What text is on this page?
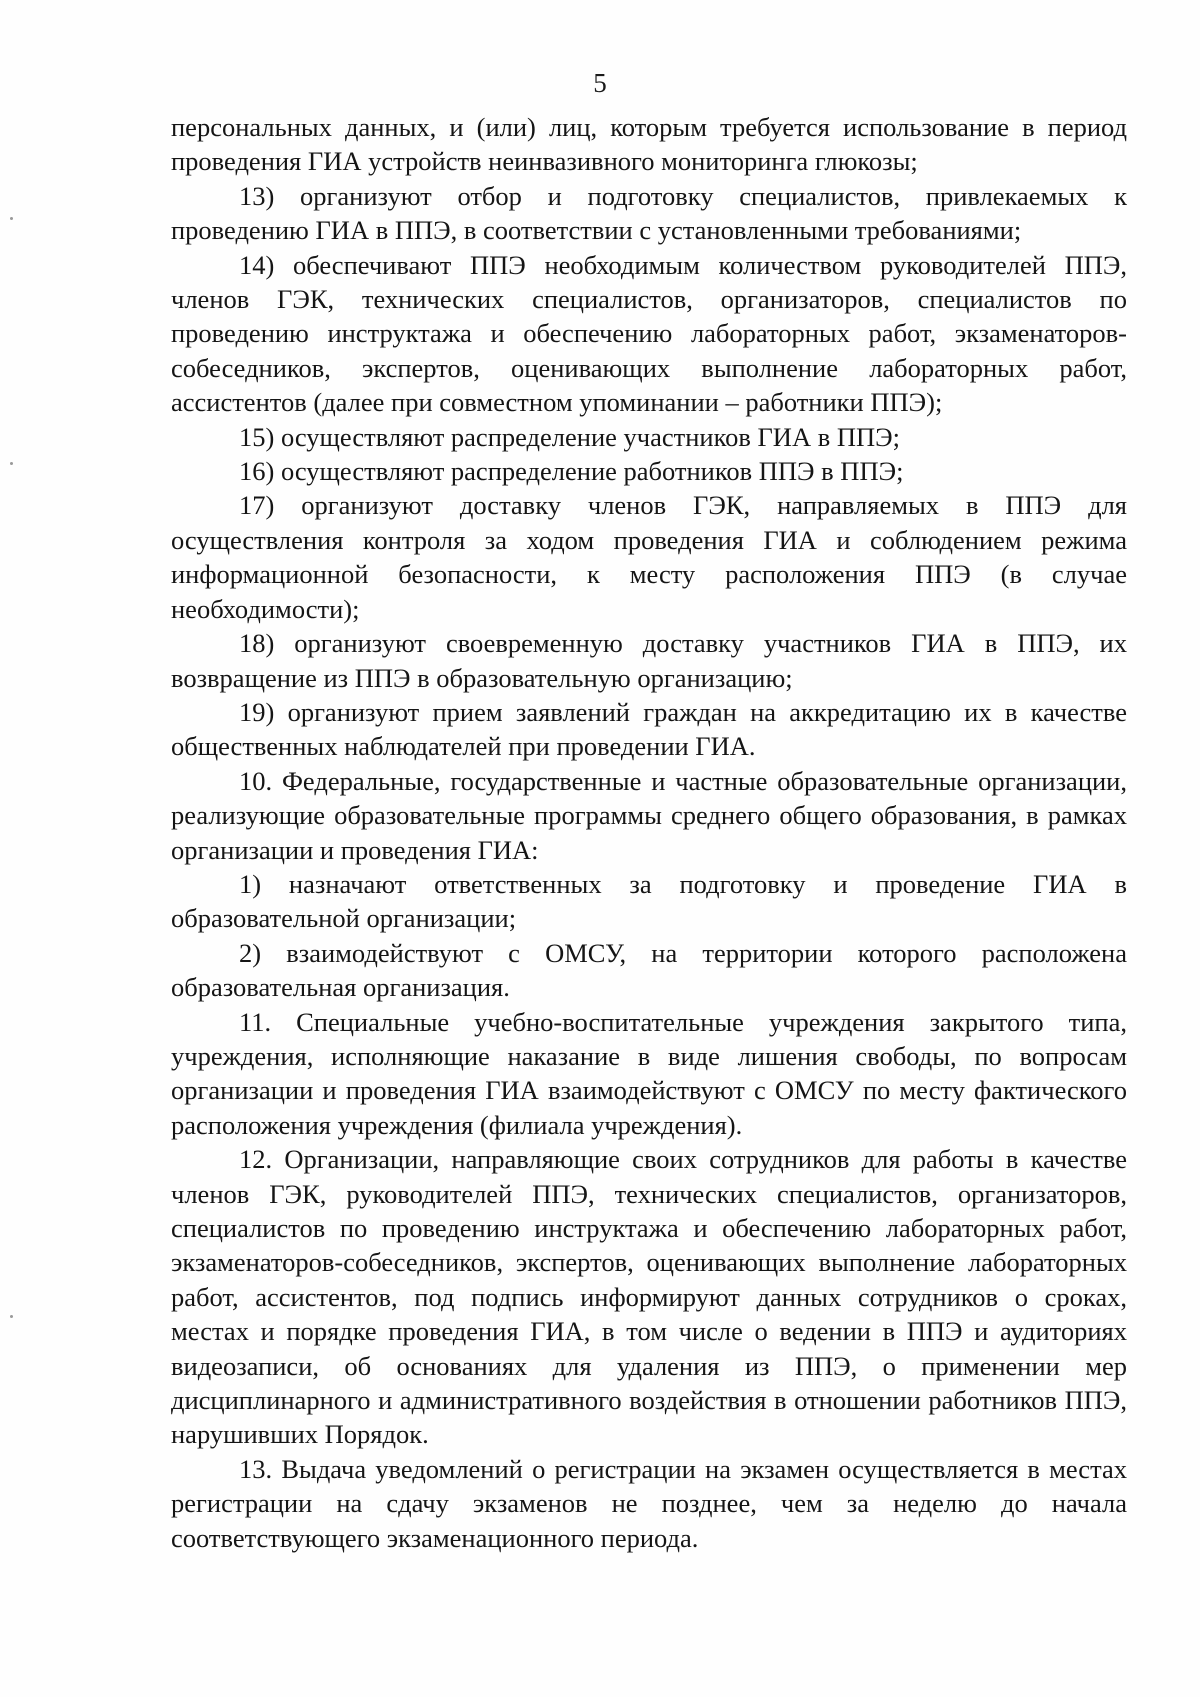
5

персональных данных, и (или) лиц, которым требуется использование в период проведения ГИА устройств неинвазивного мониторинга глюкозы;

13) организуют отбор и подготовку специалистов, привлекаемых к проведению ГИА в ППЭ, в соответствии с установленными требованиями;

14) обеспечивают ППЭ необходимым количеством руководителей ППЭ, членов ГЭК, технических специалистов, организаторов, специалистов по проведению инструктажа и обеспечению лабораторных работ, экзаменаторов-собеседников, экспертов, оценивающих выполнение лабораторных работ, ассистентов (далее при совместном упоминании – работники ППЭ);

15) осуществляют распределение участников ГИА в ППЭ;

16) осуществляют распределение работников ППЭ в ППЭ;

17) организуют доставку членов ГЭК, направляемых в ППЭ для осуществления контроля за ходом проведения ГИА и соблюдением режима информационной безопасности, к месту расположения ППЭ (в случае необходимости);

18) организуют своевременную доставку участников ГИА в ППЭ, их возвращение из ППЭ в образовательную организацию;

19) организуют прием заявлений граждан на аккредитацию их в качестве общественных наблюдателей при проведении ГИА.

10. Федеральные, государственные и частные образовательные организации, реализующие образовательные программы среднего общего образования, в рамках организации и проведения ГИА:

1) назначают ответственных за подготовку и проведение ГИА в образовательной организации;

2) взаимодействуют с ОМСУ, на территории которого расположена образовательная организация.

11. Специальные учебно-воспитательные учреждения закрытого типа, учреждения, исполняющие наказание в виде лишения свободы, по вопросам организации и проведения ГИА взаимодействуют с ОМСУ по месту фактического расположения учреждения (филиала учреждения).

12. Организации, направляющие своих сотрудников для работы в качестве членов ГЭК, руководителей ППЭ, технических специалистов, организаторов, специалистов по проведению инструктажа и обеспечению лабораторных работ, экзаменаторов-собеседников, экспертов, оценивающих выполнение лабораторных работ, ассистентов, под подпись информируют данных сотрудников о сроках, местах и порядке проведения ГИА, в том числе о ведении в ППЭ и аудиториях видеозаписи, об основаниях для удаления из ППЭ, о применении мер дисциплинарного и административного воздействия в отношении работников ППЭ, нарушивших Порядок.

13. Выдача уведомлений о регистрации на экзамен осуществляется в местах регистрации на сдачу экзаменов не позднее, чем за неделю до начала соответствующего экзаменационного периода.
